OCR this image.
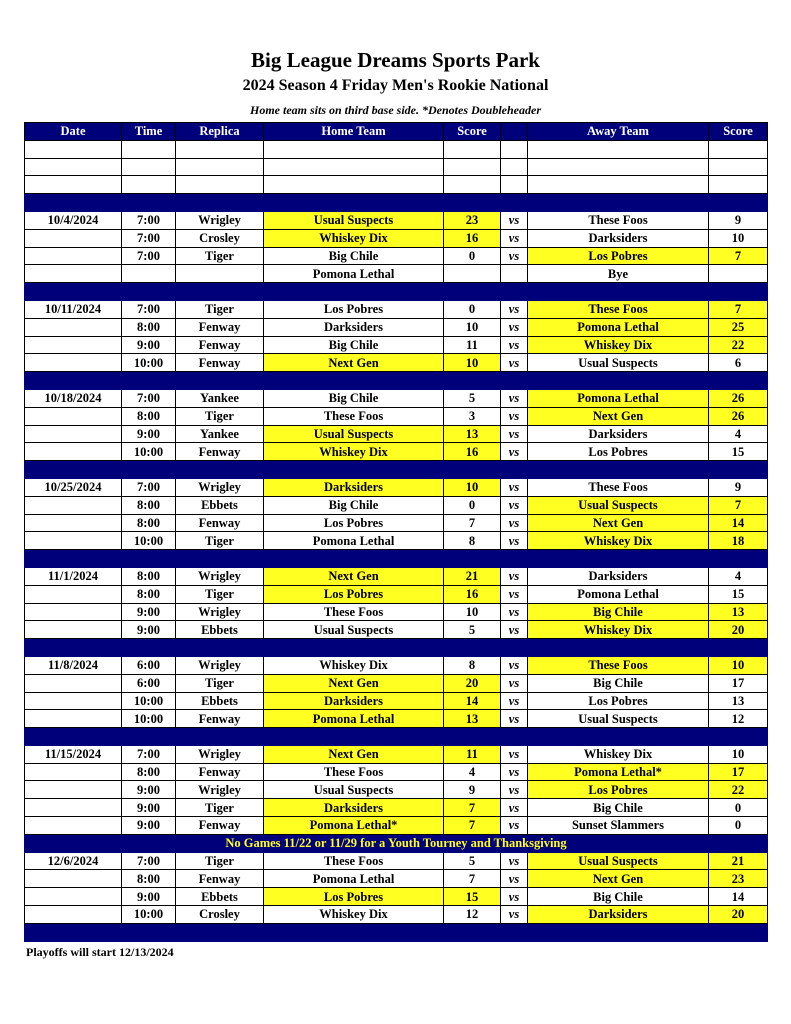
Big League Dreams Sports Park
2024 Season 4 Friday Men's Rookie National
Home team sits on third base side. *Denotes Doubleheader
Date	Time	Replica	Home Team	Score		Away Team	Score

10/4/2024	7:00	Wrigley	Usual Suspects	23	vs	These Foos	9
	7:00	Crosley	Whiskey Dix	16	vs	Darksiders	10
	7:00	Tiger	Big Chile	0	vs	Los Pobres	7
			Pomona Lethal			Bye	

10/11/2024	7:00	Tiger	Los Pobres	0	vs	These Foos	7
	8:00	Fenway	Darksiders	10	vs	Pomona Lethal	25
	9:00	Fenway	Big Chile	11	vs	Whiskey Dix	22
	10:00	Fenway	Next Gen	10	vs	Usual Suspects	6

10/18/2024	7:00	Yankee	Big Chile	5	vs	Pomona Lethal	26
	8:00	Tiger	These Foos	3	vs	Next Gen	26
	9:00	Yankee	Usual Suspects	13	vs	Darksiders	4
	10:00	Fenway	Whiskey Dix	16	vs	Los Pobres	15

10/25/2024	7:00	Wrigley	Darksiders	10	vs	These Foos	9
	8:00	Ebbets	Big Chile	0	vs	Usual Suspects	7
	8:00	Fenway	Los Pobres	7	vs	Next Gen	14
	10:00	Tiger	Pomona Lethal	8	vs	Whiskey Dix	18

11/1/2024	8:00	Wrigley	Next Gen	21	vs	Darksiders	4
	8:00	Tiger	Los Pobres	16	vs	Pomona Lethal	15
	9:00	Wrigley	These Foos	10	vs	Big Chile	13
	9:00	Ebbets	Usual Suspects	5	vs	Whiskey Dix	20

11/8/2024	6:00	Wrigley	Whiskey Dix	8	vs	These Foos	10
	6:00	Tiger	Next Gen	20	vs	Big Chile	17
	10:00	Ebbets	Darksiders	14	vs	Los Pobres	13
	10:00	Fenway	Pomona Lethal	13	vs	Usual Suspects	12

11/15/2024	7:00	Wrigley	Next Gen	11	vs	Whiskey Dix	10
	8:00	Fenway	These Foos	4	vs	Pomona Lethal*	17
	9:00	Wrigley	Usual Suspects	9	vs	Los Pobres	22
	9:00	Tiger	Darksiders	7	vs	Big Chile	0
	9:00	Fenway	Pomona Lethal*	7	vs	Sunset Slammers	0
No Games 11/22 or 11/29 for a Youth Tourney and Thanksgiving							
12/6/2024	7:00	Tiger	These Foos	5	vs	Usual Suspects	21
	8:00	Fenway	Pomona Lethal	7	vs	Next Gen	23
	9:00	Ebbets	Los Pobres	15	vs	Big Chile	14
	10:00	Crosley	Whiskey Dix	12	vs	Darksiders	20

Playoffs will start 12/13/2024
